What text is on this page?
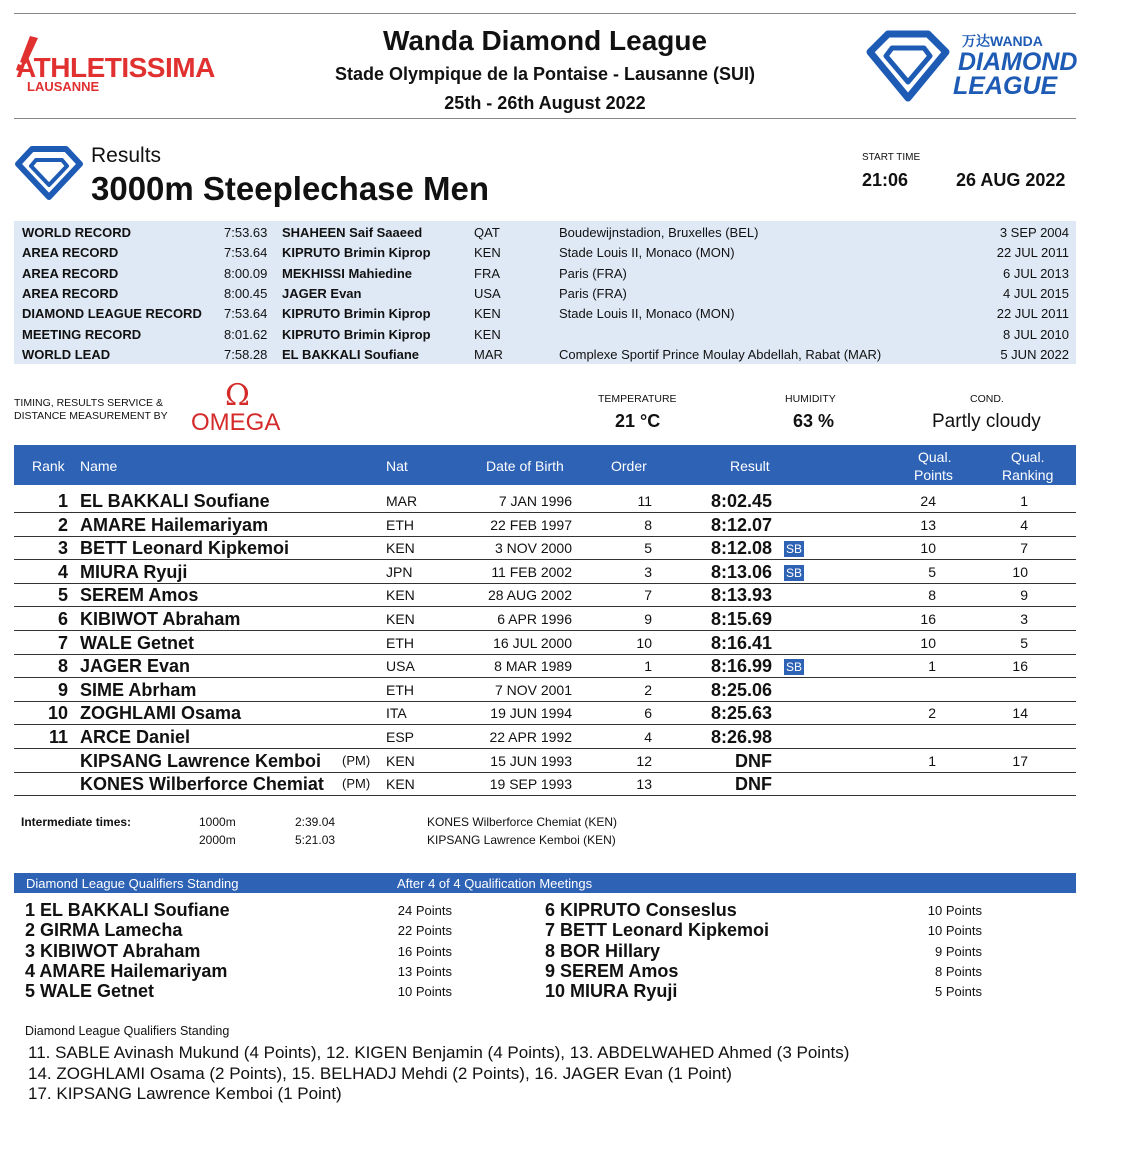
ATHLETISSIMA
LAUSANNE
Wanda Diamond League
Stade Olympique de la Pontaise - Lausanne (SUI)
25th - 26th August 2022
万达WANDA
DIAMOND
LEAGUE
Results
3000m Steeplechase Men
START TIME
21:06	26 AUG 2022
WORLD RECORD	7:53.63 SHAHEEN Saif Saaeed	QAT	Boudewijnstadion, Bruxelles (BEL)	3 SEP 2004
AREA RECORD	7:53.64 KIPRUTO Brimin Kiprop	KEN	Stade Louis II, Monaco (MON)	22 JUL 2011
AREA RECORD	8:00.09 MEKHISSI Mahiedine	FRA	Paris (FRA)	6 JUL 2013
AREA RECORD	8:00.45 JAGER Evan	USA	Paris (FRA)	4 JUL 2015
DIAMOND LEAGUE RECORD 7:53.64 KIPRUTO Brimin Kiprop	KEN	Stade Louis II, Monaco (MON)	22 JUL 2011
MEETING RECORD	8:01.62 KIPRUTO Brimin Kiprop	KEN	8 JUL 2010
WORLD LEAD	7:58.28 EL BAKKALI Soufiane	MAR	Complexe Sportif Prince Moulay Abdellah, Rabat (MAR)	5 JUN 2022
TIMING, RESULTS SERVICE &
DISTANCE MEASUREMENT BY
Ω
OMEGA
TEMPERATURE
21 °C
HUMIDITY
63 %
COND.
Partly cloudy
Rank Name	Nat	Date of Birth	Order	Result
Qual.
Points
Qual.
Ranking
1 EL BAKKALI Soufiane	MAR	7 JAN 1996	11	8:02.45	24	1
2 AMARE Hailemariyam	ETH	22 FEB 1997	8	8:12.07	13	4
3 BETT Leonard Kipkemoi	KEN	3 NOV 2000	5	8:12.08 SB	10	7
4 MIURA Ryuji	JPN	11 FEB 2002	3	8:13.06 SB	5	10
5 SEREM Amos	KEN	28 AUG 2002	7	8:13.93	8	9
6 KIBIWOT Abraham	KEN	6 APR 1996	9	8:15.69	16	3
7 WALE Getnet	ETH	16 JUL 2000	10	8:16.41	10	5
8 JAGER Evan	USA	8 MAR 1989	1	8:16.99 SB	1	16
9 SIME Abrham	ETH	7 NOV 2001	2	8:25.06
10 ZOGHLAMI Osama	ITA	19 JUN 1994	6	8:25.63	2	14
11 ARCE Daniel	ESP	22 APR 1992	4	8:26.98
KIPSANG Lawrence Kemboi (PM) KEN	15 JUN 1993	12	DNF	1	17
KONES Wilberforce Chemiat (PM) KEN	19 SEP 1993	13	DNF
Intermediate times:	1000m	2:39.04	KONES Wilberforce Chemiat (KEN)
2000m	5:21.03	KIPSANG Lawrence Kemboi (KEN)
Diamond League Qualifiers Standing	After 4 of 4 Qualification Meetings
1 EL BAKKALI Soufiane	24 Points
2 GIRMA Lamecha	22 Points
3 KIBIWOT Abraham	16 Points
4 AMARE Hailemariyam	13 Points
5 WALE Getnet	10 Points
6 KIPRUTO Conseslus	10 Points
7 BETT Leonard Kipkemoi	10 Points
8 BOR Hillary	9 Points
9 SEREM Amos	8 Points
10 MIURA Ryuji	5 Points
Diamond League Qualifiers Standing
11. SABLE Avinash Mukund (4 Points), 12. KIGEN Benjamin (4 Points), 13. ABDELWAHED Ahmed (3 Points)
14. ZOGHLAMI Osama (2 Points), 15. BELHADJ Mehdi (2 Points), 16. JAGER Evan (1 Point)
17. KIPSANG Lawrence Kemboi (1 Point)
